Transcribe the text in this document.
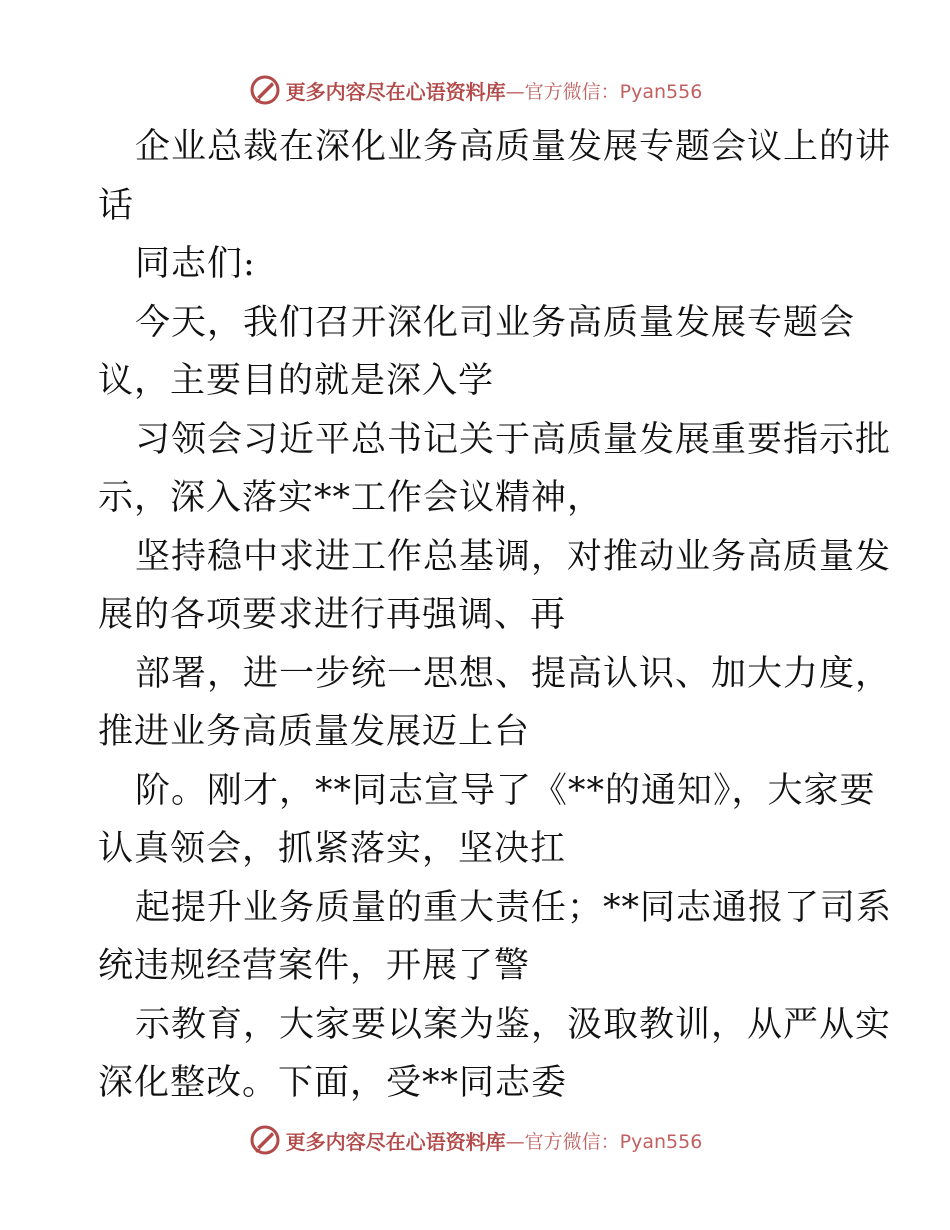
更多内容尽在心语资料库 —官方微信：Pyan556
企业总裁在深化业务高质量发展专题会议上的讲
话
同志们:
今天，我们召开深化司业务高质量发展专题会
议，主要目的就是深入学
习领会习近平总书记关于高质量发展重要指示批
示，深入落实**工作会议精神，
坚持稳中求进工作总基调，对推动业务高质量发
展的各项要求进行再强调、再
部署，进一步统一思想、提高认识、加大力度，
推进业务高质量发展迈上台
阶。刚才，**同志宣导了《**的通知》，大家要
认真领会，抓紧落实，坚决扛
起提升业务质量的重大责任；**同志通报了司系
统违规经营案件，开展了警
示教育，大家要以案为鉴，汲取教训，从严从实
深化整改。下面，受**同志委
更多内容尽在心语资料库 —官方微信：Pyan556
